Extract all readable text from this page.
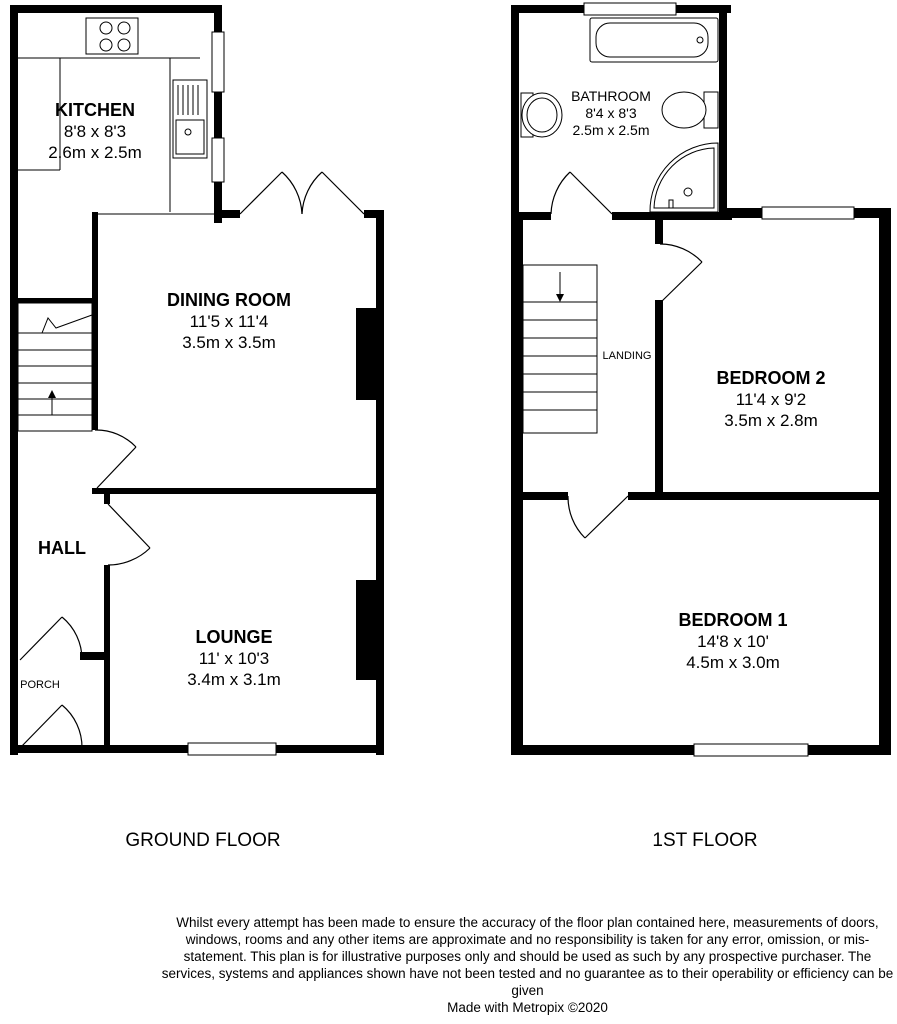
KITCHEN
8'8 x 8'3
2.6m x 2.5m
DINING ROOM
11'5 x 11'4
3.5m x 3.5m
LOUNGE
11' x 10'3
3.4m x 3.1m
HALL
PORCH
BATHROOM
8'4 x 8'3
2.5m x 2.5m
BEDROOM 2
11'4 x 9'2
3.5m x 2.8m
BEDROOM 1
14'8 x 10'
4.5m x 3.0m
LANDING
GROUND FLOOR	1ST FLOOR
Whilst every attempt has been made to ensure the accuracy of the floor plan contained here, measurements of doors, windows, rooms and any other items are approximate and no responsibility is taken for any error, omission, or mis-statement. This plan is for illustrative purposes only and should be used as such by any prospective purchaser. The services, systems and appliances shown have not been tested and no guarantee as to their operability or efficiency can be given
Made with Metropix ©2020
